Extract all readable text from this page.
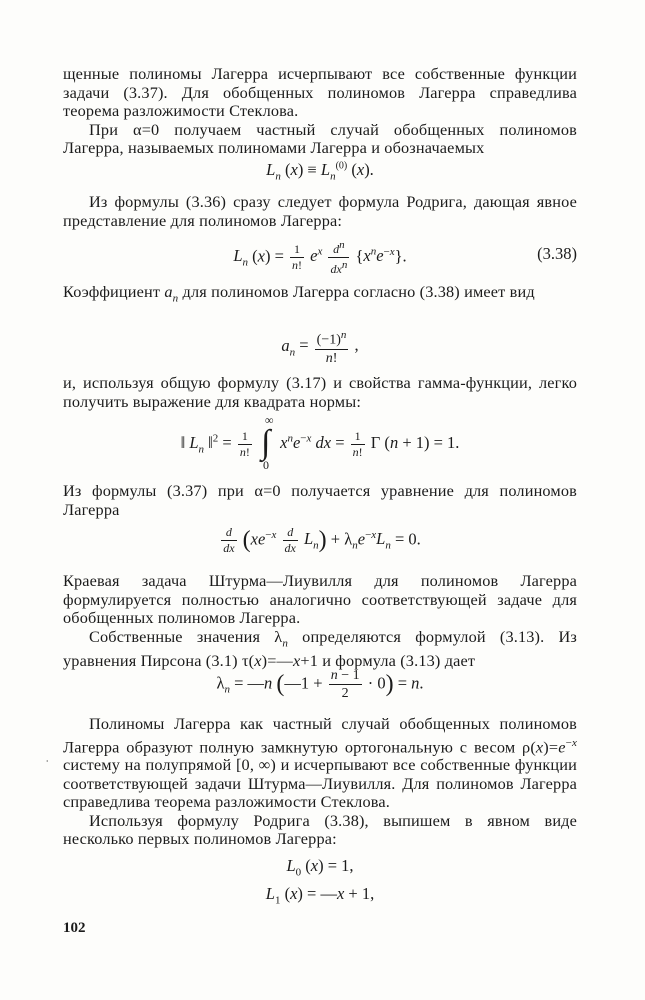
щенные полиномы Лагерра исчерпывают все собственные функции задачи (3.37). Для обобщенных полиномов Лагерра справедлива теорема разложимости Стеклова.

При α=0 получаем частный случай обобщенных полиномов Лагерра, называемых полиномами Лагерра и обозначаемых

$L_n$ $(x) \equiv L_n^{(0)}$ (x).

Из формулы (3.36) сразу следует формула Родрига, дающая явное представление для полиномов Лагерра:

$L_n$ $(x) = \frac{1}{n!} e^x \frac{d^n}{dx^n} \{x^ne^{-x}\}$.	(3.38)

Коэффициент $a_n$ для полиномов Лагерра согласно (3.38) имеет вид

$a_n = \frac{(-1)^n}{n!}$ ,

и, используя общую формулу (3.17) и свойства гамма-функции, легко получить выражение для квадрата нормы:

‖ $L_n$ ‖$^2$ = $\frac{1}{n!}$

∞
∫
0
$x^ne^{-x}$ dx = $\frac{1}{n!}$ Γ (n + 1) = 1.

Из формулы (3.37) при α=0 получается уравнение для полиномов Лагерра

$\frac{d}{dx} (xe^{-x} \frac{d}{dx} L_n) + \lambda_ne^{-x}L_n = 0$.

Краевая задача Штурма—Лиувилля для полиномов Лагерра формулируется полностью аналогично соответствующей задаче для обобщенных полиномов Лагерра.

Собственные значения $\lambda_n$ определяются формулой (3.13). Из уравнения Пирсона (3.1) τ(x)=—x+1 и формула (3.13) дает

$\lambda_n$ = —n (—1 + $\frac{n - 1}{2} \cdot 0) = n$.

Полиномы Лагерра как частный случай обобщенных полиномов Лагерра образуют полную замкнутую ортогональную с весом $\rho(x)=e^{-x}$ систему на полупрямой [0, ∞) и исчерпывают все собственные функции соответствующей задачи Штурма—Лиувилля. Для полиномов Лагерра справедлива теорема разложимости Стеклова.

Используя формулу Родрига (3.38), выпишем в явном виде несколько первых полиномов Лагерра:

$L_0$ (x) = 1,
$L_1$ (x) = —x + 1,
ˈ
102
